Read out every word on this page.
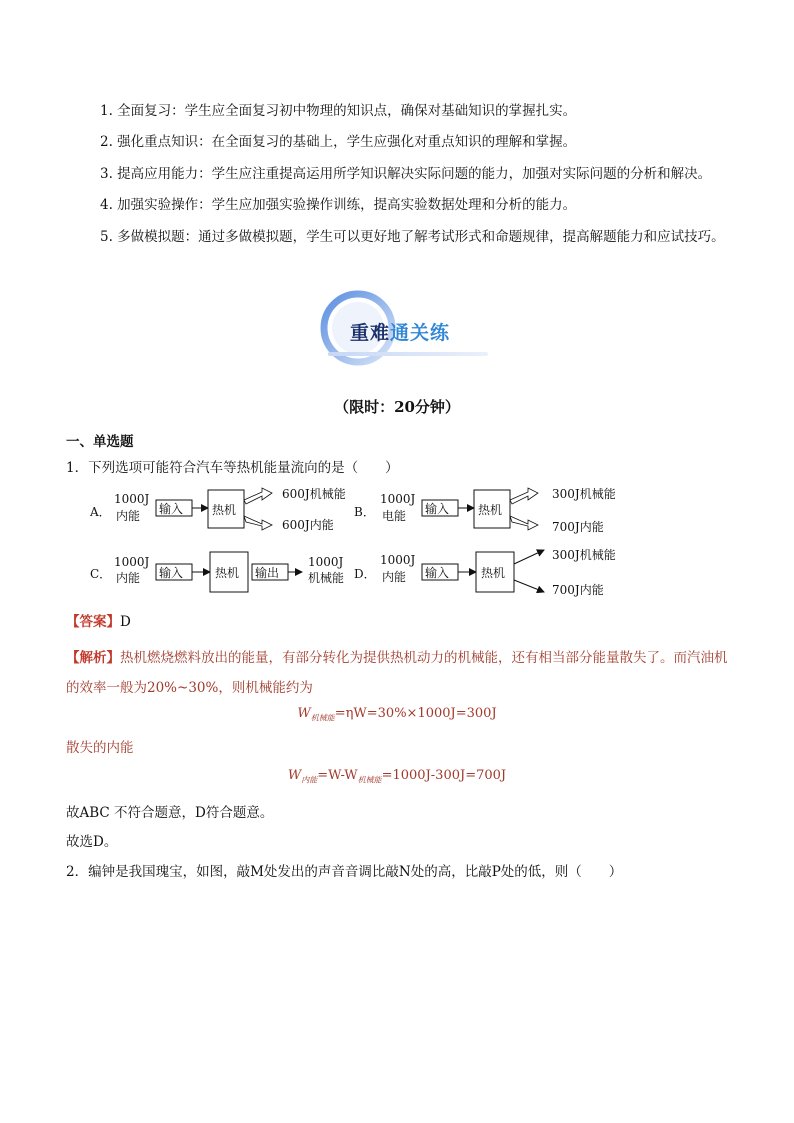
1. 全面复习：学生应全面复习初中物理的知识点，确保对基础知识的掌握扎实。

2. 强化重点知识：在全面复习的基础上，学生应强化对重点知识的理解和掌握。

3. 提高应用能力：学生应注重提高运用所学知识解决实际问题的能力，加强对实际问题的分析和解决。

4. 加强实验操作：学生应加强实验操作训练，提高实验数据处理和分析的能力。

5. 多做模拟题：通过多做模拟题，学生可以更好地了解考试形式和命题规律，提高解题能力和应试技巧。

重难通关练
（限时：20分钟）
一、单选题
1．下列选项可能符合汽车等热机能量流向的是（　　）
A．
1000J
内能 输入 热机
600J机械能
600J内能
B．
1000J
电能 输入 热机
300J机械能
700J内能
C．
1000J
内能 输入	热机 输出
1000J
机械能 D．
1000J
内能 输入	热机
300J机械能
700J内能
【答案】D
【解析】热机燃烧燃料放出的能量，有部分转化为提供热机动力的机械能，还有相当部分能量散失了。而汽油机的效率一般为20%~30%，则机械能约为
$W_{机械能}=\eta W=30\%\times 1000J=300J$
散失的内能
$W_{内能}=W-W_{机械能}=1000J-300J=700J$
故ABC 不符合题意，D符合题意。
故选D。
2．编钟是我国瑰宝，如图，敲M处发出的声音音调比敲N处的高，比敲P处的低，则（　　）
